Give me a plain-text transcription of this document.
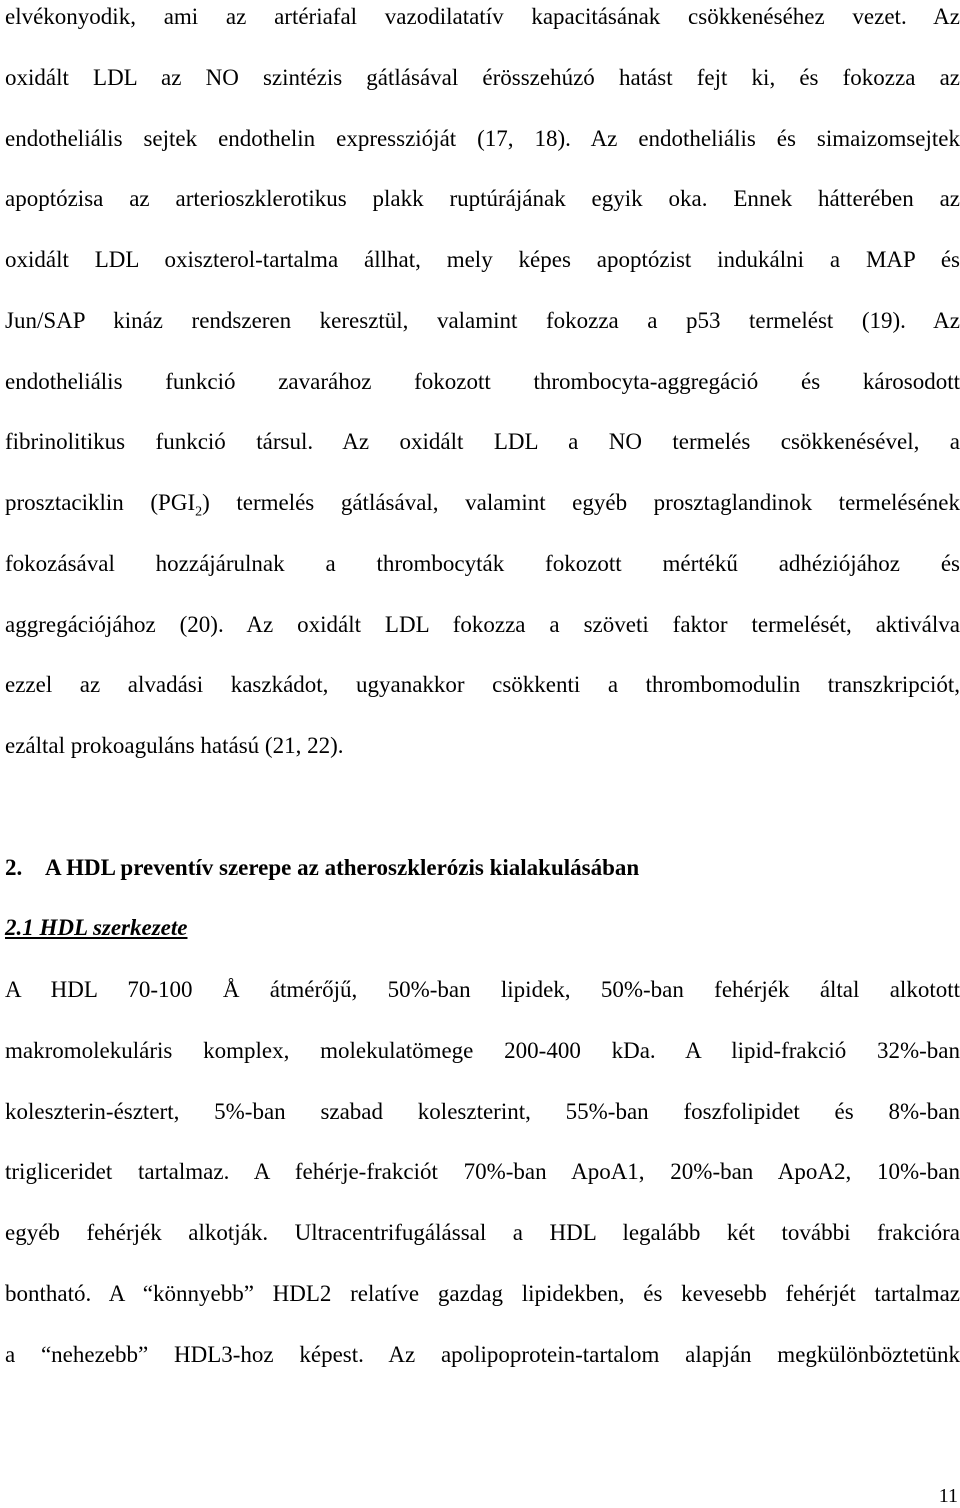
elvékonyodik, ami az artériafal vazodilatatív kapacitásának csökkenéséhez vezet. Az
oxidált LDL az NO szintézis gátlásával érösszehúzó hatást fejt ki, és fokozza az
endotheliális sejtek endothelin expresszióját (17, 18). Az endotheliális és simaizomsejtek
apoptózisa az arterioszklerotikus plakk ruptúrájának egyik oka. Ennek hátterében az
oxidált LDL oxiszterol-tartalma állhat, mely képes apoptózist indukálni a MAP és
Jun/SAP kináz rendszeren keresztül, valamint fokozza a p53 termelést (19). Az
endotheliális funkció zavarához fokozott thrombocyta-aggregáció és károsodott
fibrinolitikus funkció társul. Az oxidált LDL a NO termelés csökkenésével, a
prosztaciklin $(PGI_2)$ termelés gátlásával, valamint egyéb prosztaglandinok termelésének
fokozásával hozzájárulnak a thrombocyták fokozott mértékű adhéziójához és
aggregációjához (20). Az oxidált LDL fokozza a szöveti faktor termelését, aktiválva
ezzel az alvadási kaszkádot, ugyanakkor csökkenti a thrombomodulin transzkripciót,
ezáltal prokoaguláns hatású (21, 22).
2. A HDL preventív szerepe az atheroszklerózis kialakulásában
2.1 HDL szerkezete
A HDL 70-100 Å átmérőjű, 50%-ban lipidek, 50%-ban fehérjék által alkotott
makromolekuláris komplex, molekulatömege 200-400 kDa. A lipid-frakció 32%-ban
koleszterin-észtert, 5%-ban szabad koleszterint, 55%-ban foszfolipidet és 8%-ban
trigliceridet tartalmaz. A fehérje-frakciót 70%-ban ApoA1, 20%-ban ApoA2, 10%-ban
egyéb fehérjék alkotják. Ultracentrifugálással a HDL legalább két további frakcióra
bontható. A “könnyebb” HDL2 relatíve gazdag lipidekben, és kevesebb fehérjét tartalmaz
a “nehezebb” HDL3-hoz képest. Az apolipoprotein-tartalom alapján megkülönböztetünk
11
